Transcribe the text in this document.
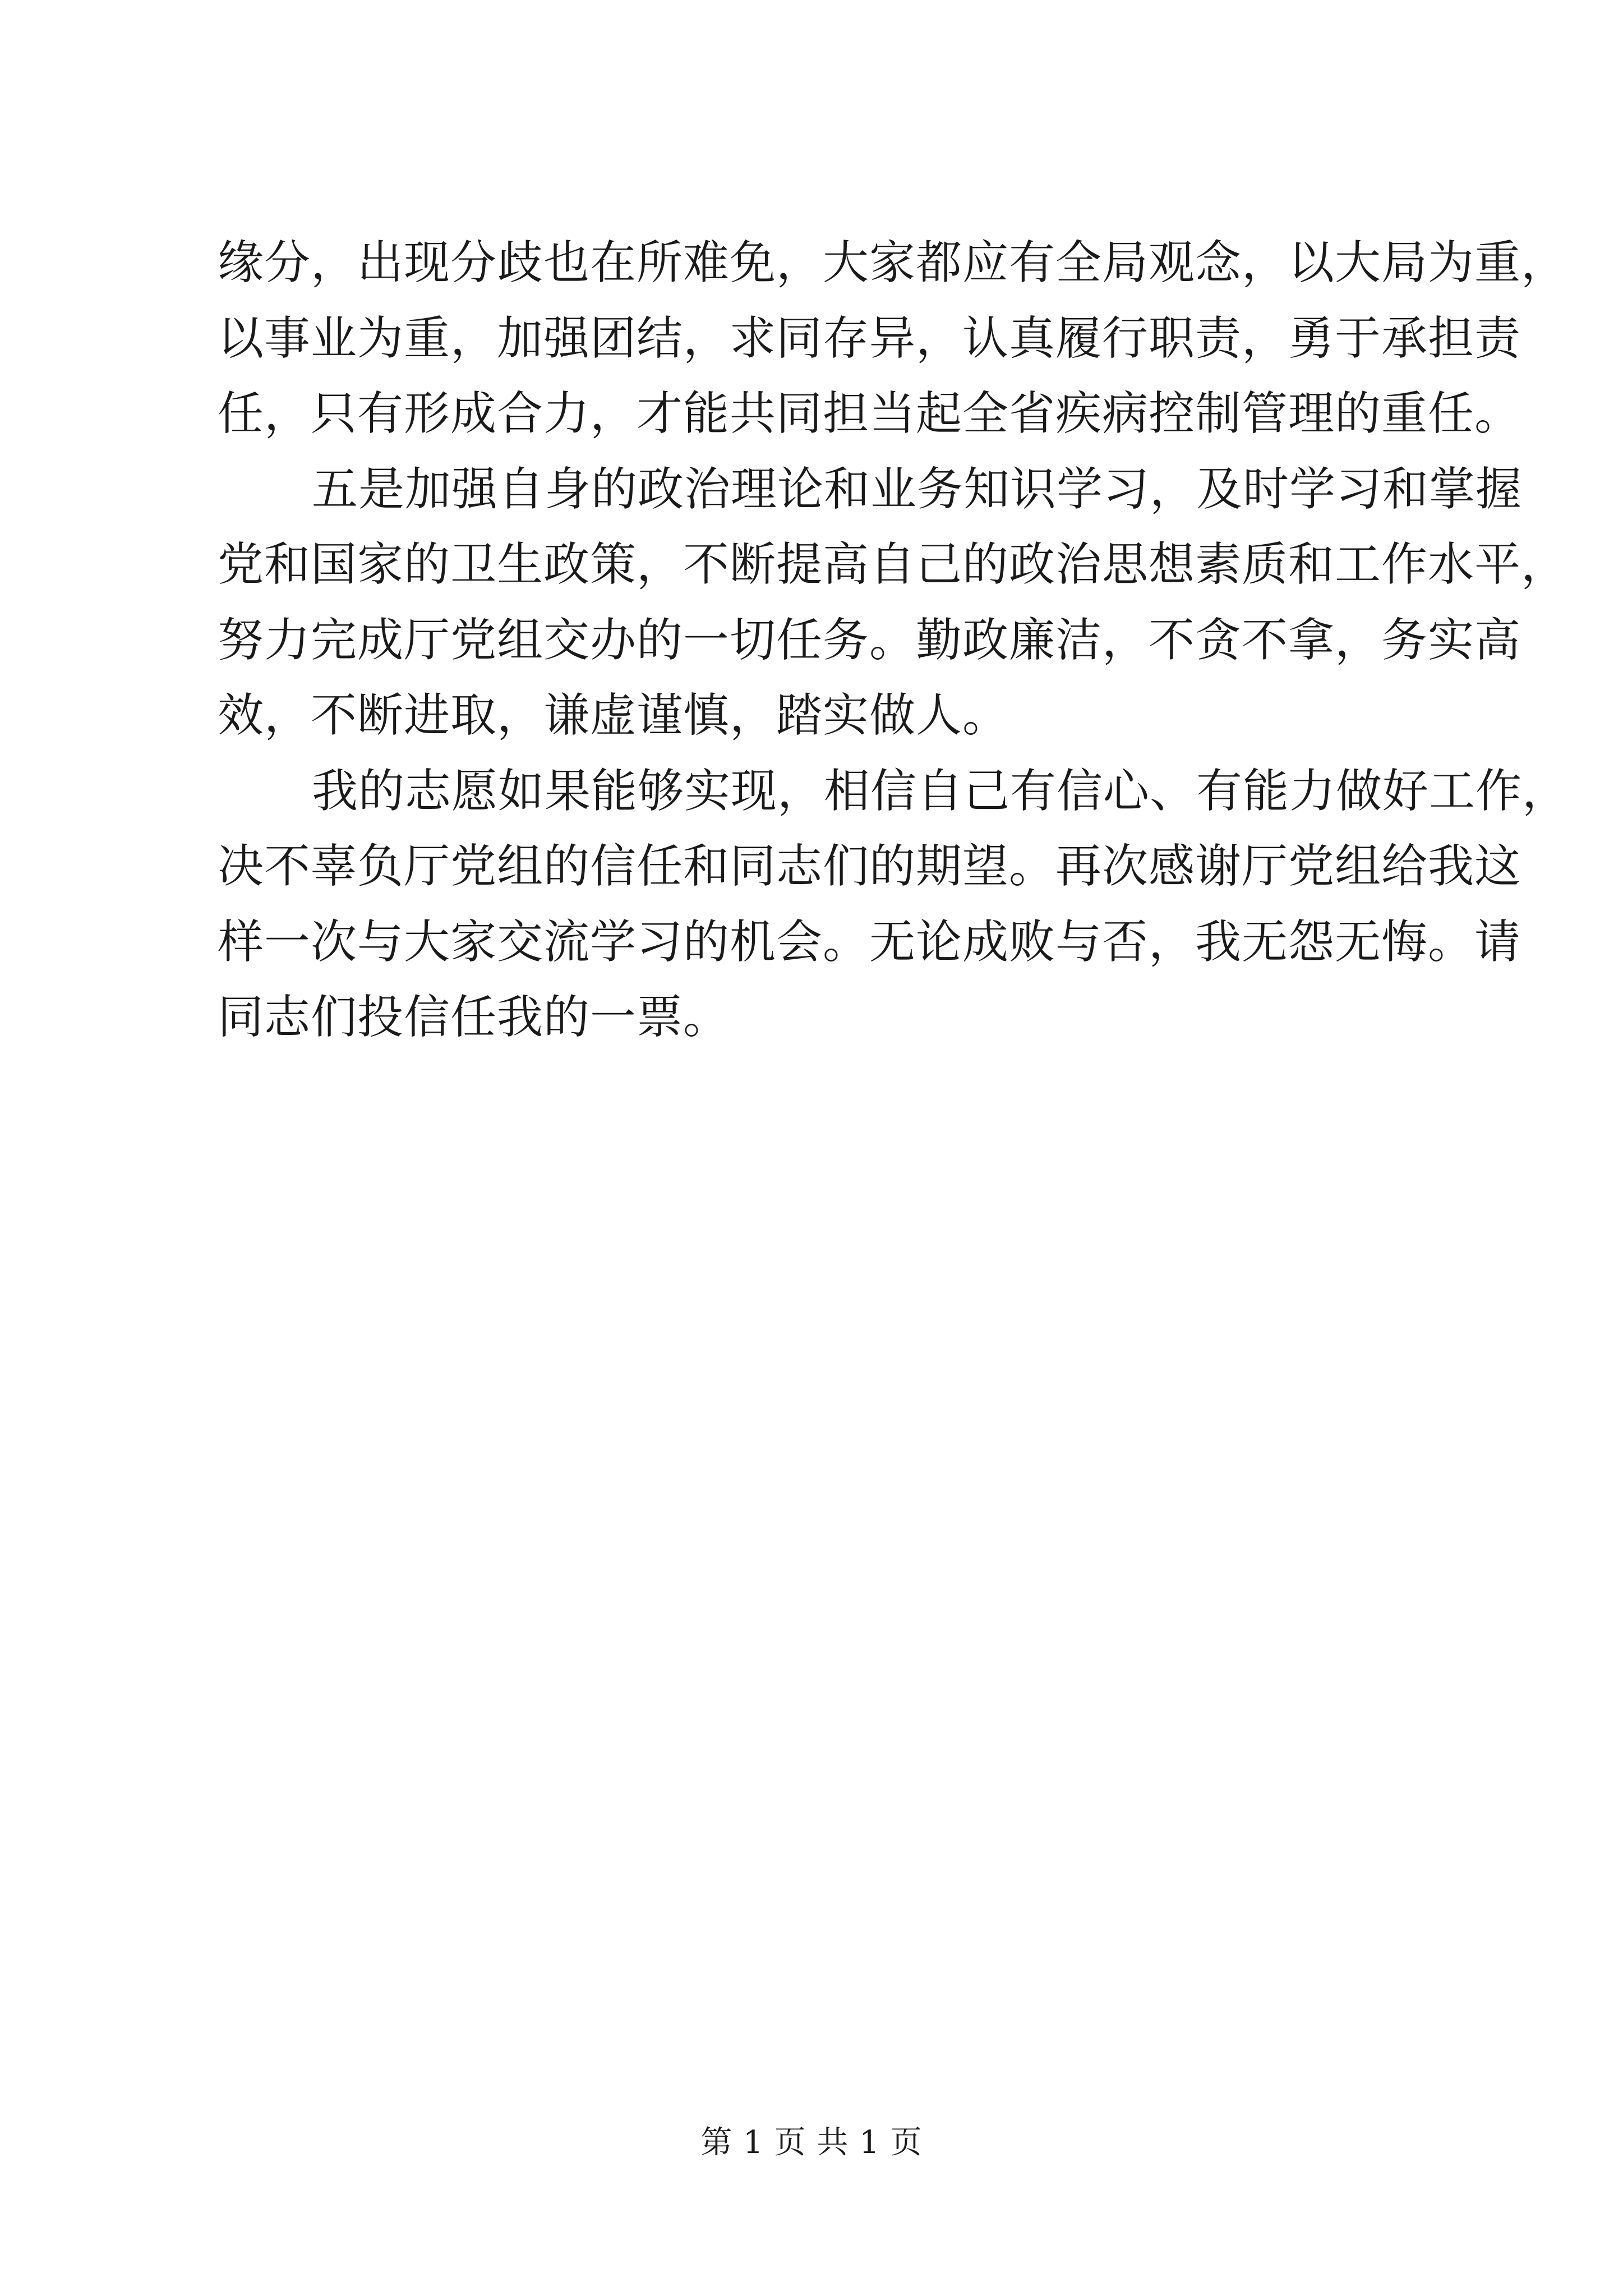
缘分，出现分歧也在所难免，大家都应有全局观念，以大局为重，
以事业为重，加强团结，求同存异，认真履行职责，勇于承担责
任，只有形成合力，才能共同担当起全省疾病控制管理的重任。
五是加强自身的政治理论和业务知识学习，及时学习和掌握
党和国家的卫生政策，不断提高自己的政治思想素质和工作水平，
努力完成厅党组交办的一切任务。勤政廉洁，不贪不拿，务实高
效，不断进取，谦虚谨慎，踏实做人。
我的志愿如果能够实现，相信自己有信心、有能力做好工作，
决不辜负厅党组的信任和同志们的期望。再次感谢厅党组给我这
样一次与大家交流学习的机会。无论成败与否，我无怨无悔。请
同志们投信任我的一票。
第 1 页 共 1 页
